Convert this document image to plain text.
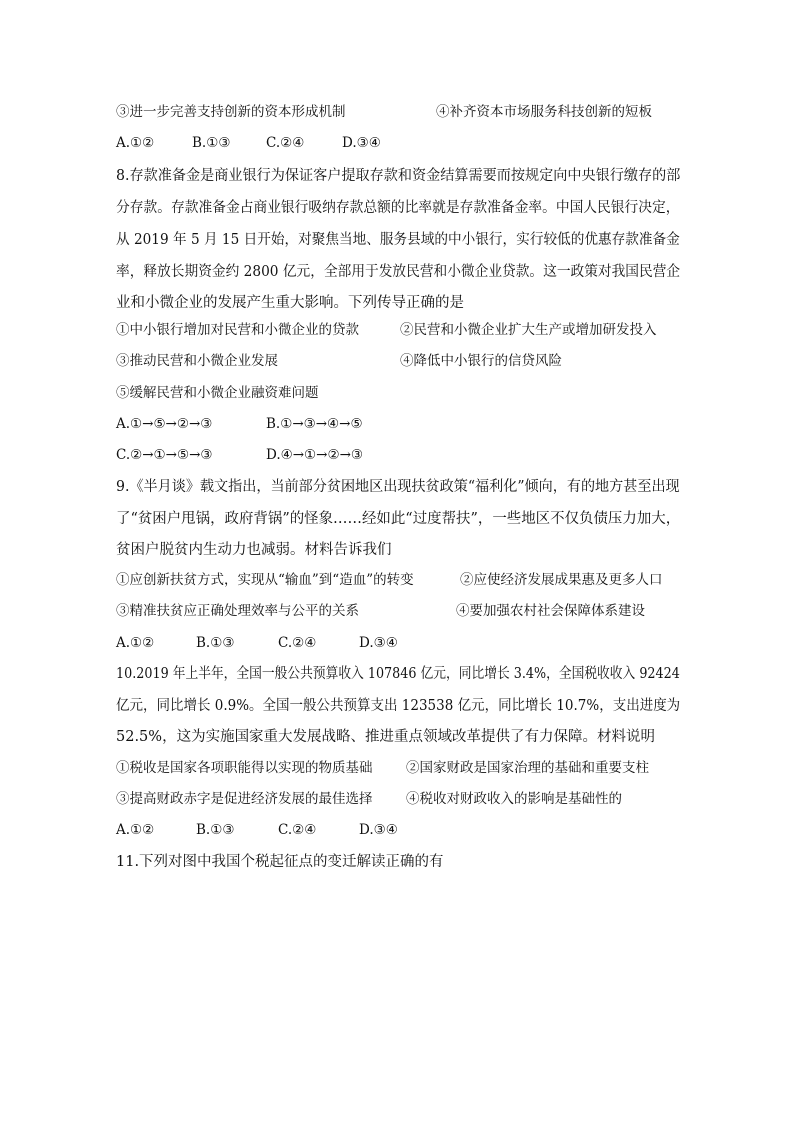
③进一步完善支持创新的资本形成机制	④补齐资本市场服务科技创新的短板
A.①②	B.①③	C.②④	D.③④
8.存款准备金是商业银行为保证客户提取存款和资金结算需要而按规定向中央银行缴存的部
分存款。存款准备金占商业银行吸纳存款总额的比率就是存款准备金率。中国人民银行决定，
从 2019 年 5 月 15 日开始，对聚焦当地、服务县域的中小银行，实行较低的优惠存款准备金
率，释放长期资金约 2800 亿元，全部用于发放民营和小微企业贷款。这一政策对我国民营企
业和小微企业的发展产生重大影响。下列传导正确的是
①中小银行增加对民营和小微企业的贷款	②民营和小微企业扩大生产或增加研发投入
③推动民营和小微企业发展	④降低中小银行的信贷风险
⑤缓解民营和小微企业融资难问题
A.①→⑤→②→③	B.①→③→④→⑤
C.②→①→⑤→③	D.④→①→②→③
9.《半月谈》载文指出，当前部分贫困地区出现扶贫政策“福利化”倾向，有的地方甚至出现
了“贫困户甩锅，政府背锅”的怪象……经如此“过度帮扶”，一些地区不仅负债压力加大，
贫困户脱贫内生动力也减弱。材料告诉我们
①应创新扶贫方式，实现从“输血”到“造血”的转变	②应使经济发展成果惠及更多人口
③精准扶贫应正确处理效率与公平的关系	④要加强农村社会保障体系建设
A.①②	B.①③	C.②④	D.③④
10.2019 年上半年，全国一般公共预算收入 107846 亿元，同比增长 3.4%，全国税收收入 92424
亿元，同比增长 0.9%。全国一般公共预算支出 123538 亿元，同比增长 10.7%，支出进度为
52.5%，这为实施国家重大发展战略、推进重点领域改革提供了有力保障。材料说明
①税收是国家各项职能得以实现的物质基础 ②国家财政是国家治理的基础和重要支柱
③提高财政赤字是促进经济发展的最佳选择 ④税收对财政收入的影响是基础性的
A.①②	B.①③	C.②④	D.③④
11.下列对图中我国个税起征点的变迁解读正确的有
